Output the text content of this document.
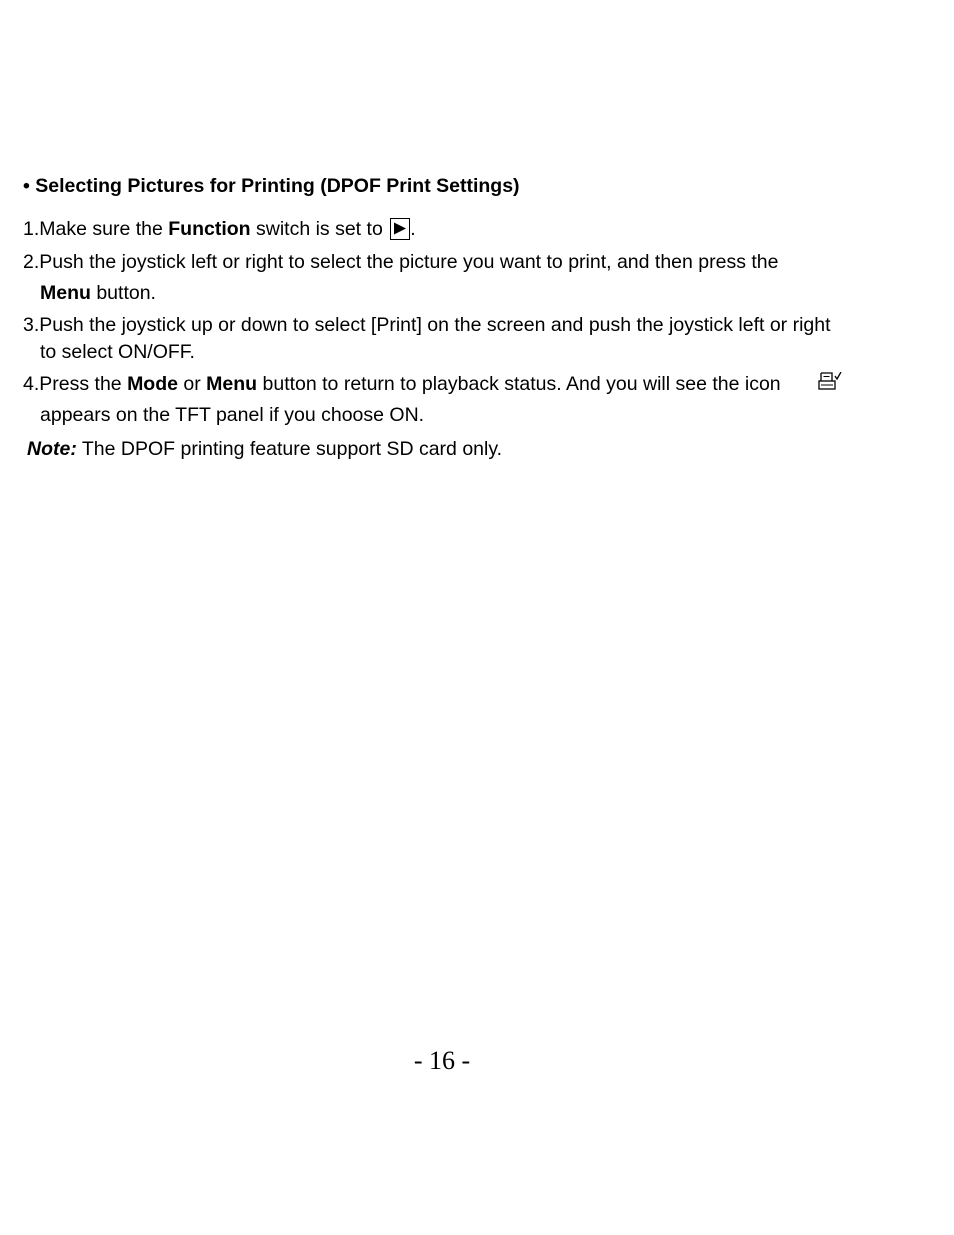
• Selecting Pictures for Printing (DPOF Print Settings)
1.Make sure the Function switch is set to
.
2.Push the joystick left or right to select the picture you want to print, and then press the
Menu button.
3.Push the joystick up or down to select [Print] on the screen and push the joystick left or right
to select ON/OFF.
4.Press the Mode or Menu button to return to playback status. And you will see the icon
appears on the TFT panel if you choose ON.
Note: The DPOF printing feature support SD card only.
- 16 -
